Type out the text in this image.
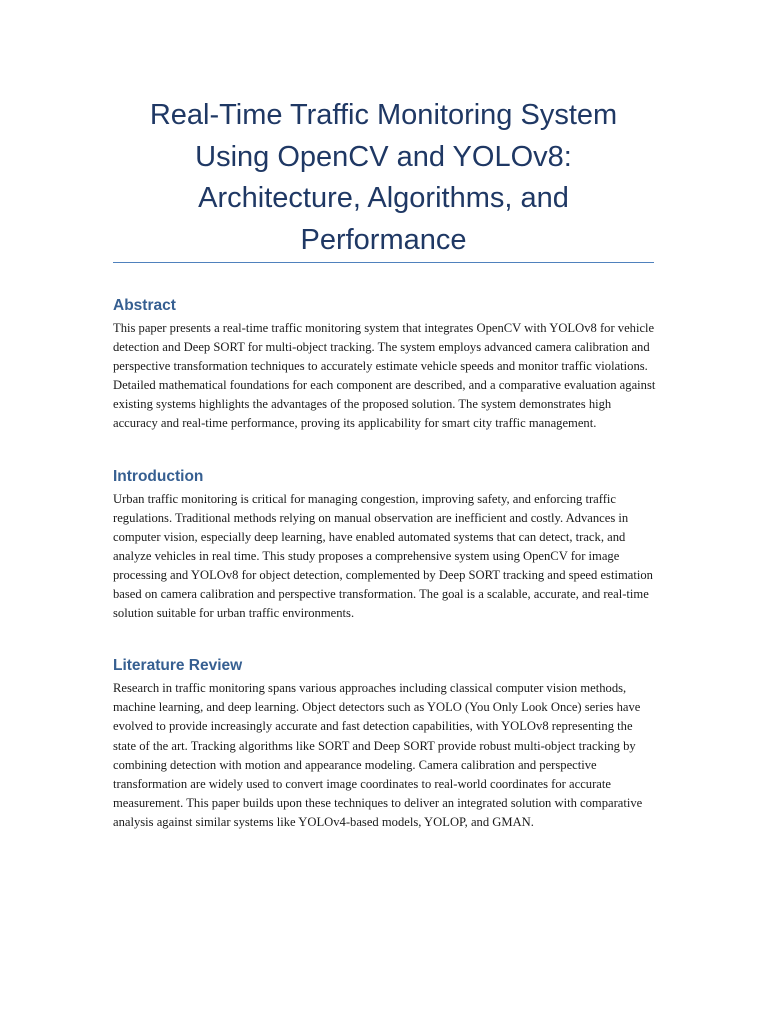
Real-Time Traffic Monitoring System Using OpenCV and YOLOv8: Architecture, Algorithms, and Performance
Abstract

This paper presents a real-time traffic monitoring system that integrates OpenCV with YOLOv8 for vehicle detection and Deep SORT for multi-object tracking. The system employs advanced camera calibration and perspective transformation techniques to accurately estimate vehicle speeds and monitor traffic violations. Detailed mathematical foundations for each component are described, and a comparative evaluation against existing systems highlights the advantages of the proposed solution. The system demonstrates high accuracy and real-time performance, proving its applicability for smart city traffic management.

Introduction

Urban traffic monitoring is critical for managing congestion, improving safety, and enforcing traffic regulations. Traditional methods relying on manual observation are inefficient and costly. Advances in computer vision, especially deep learning, have enabled automated systems that can detect, track, and analyze vehicles in real time. This study proposes a comprehensive system using OpenCV for image processing and YOLOv8 for object detection, complemented by Deep SORT tracking and speed estimation based on camera calibration and perspective transformation. The goal is a scalable, accurate, and real-time solution suitable for urban traffic environments.

Literature Review

Research in traffic monitoring spans various approaches including classical computer vision methods, machine learning, and deep learning. Object detectors such as YOLO (You Only Look Once) series have evolved to provide increasingly accurate and fast detection capabilities, with YOLOv8 representing the state of the art. Tracking algorithms like SORT and Deep SORT provide robust multi-object tracking by combining detection with motion and appearance modeling. Camera calibration and perspective transformation are widely used to convert image coordinates to real-world coordinates for accurate measurement. This paper builds upon these techniques to deliver an integrated solution with comparative analysis against similar systems like YOLOv4-based models, YOLOP, and GMAN.
